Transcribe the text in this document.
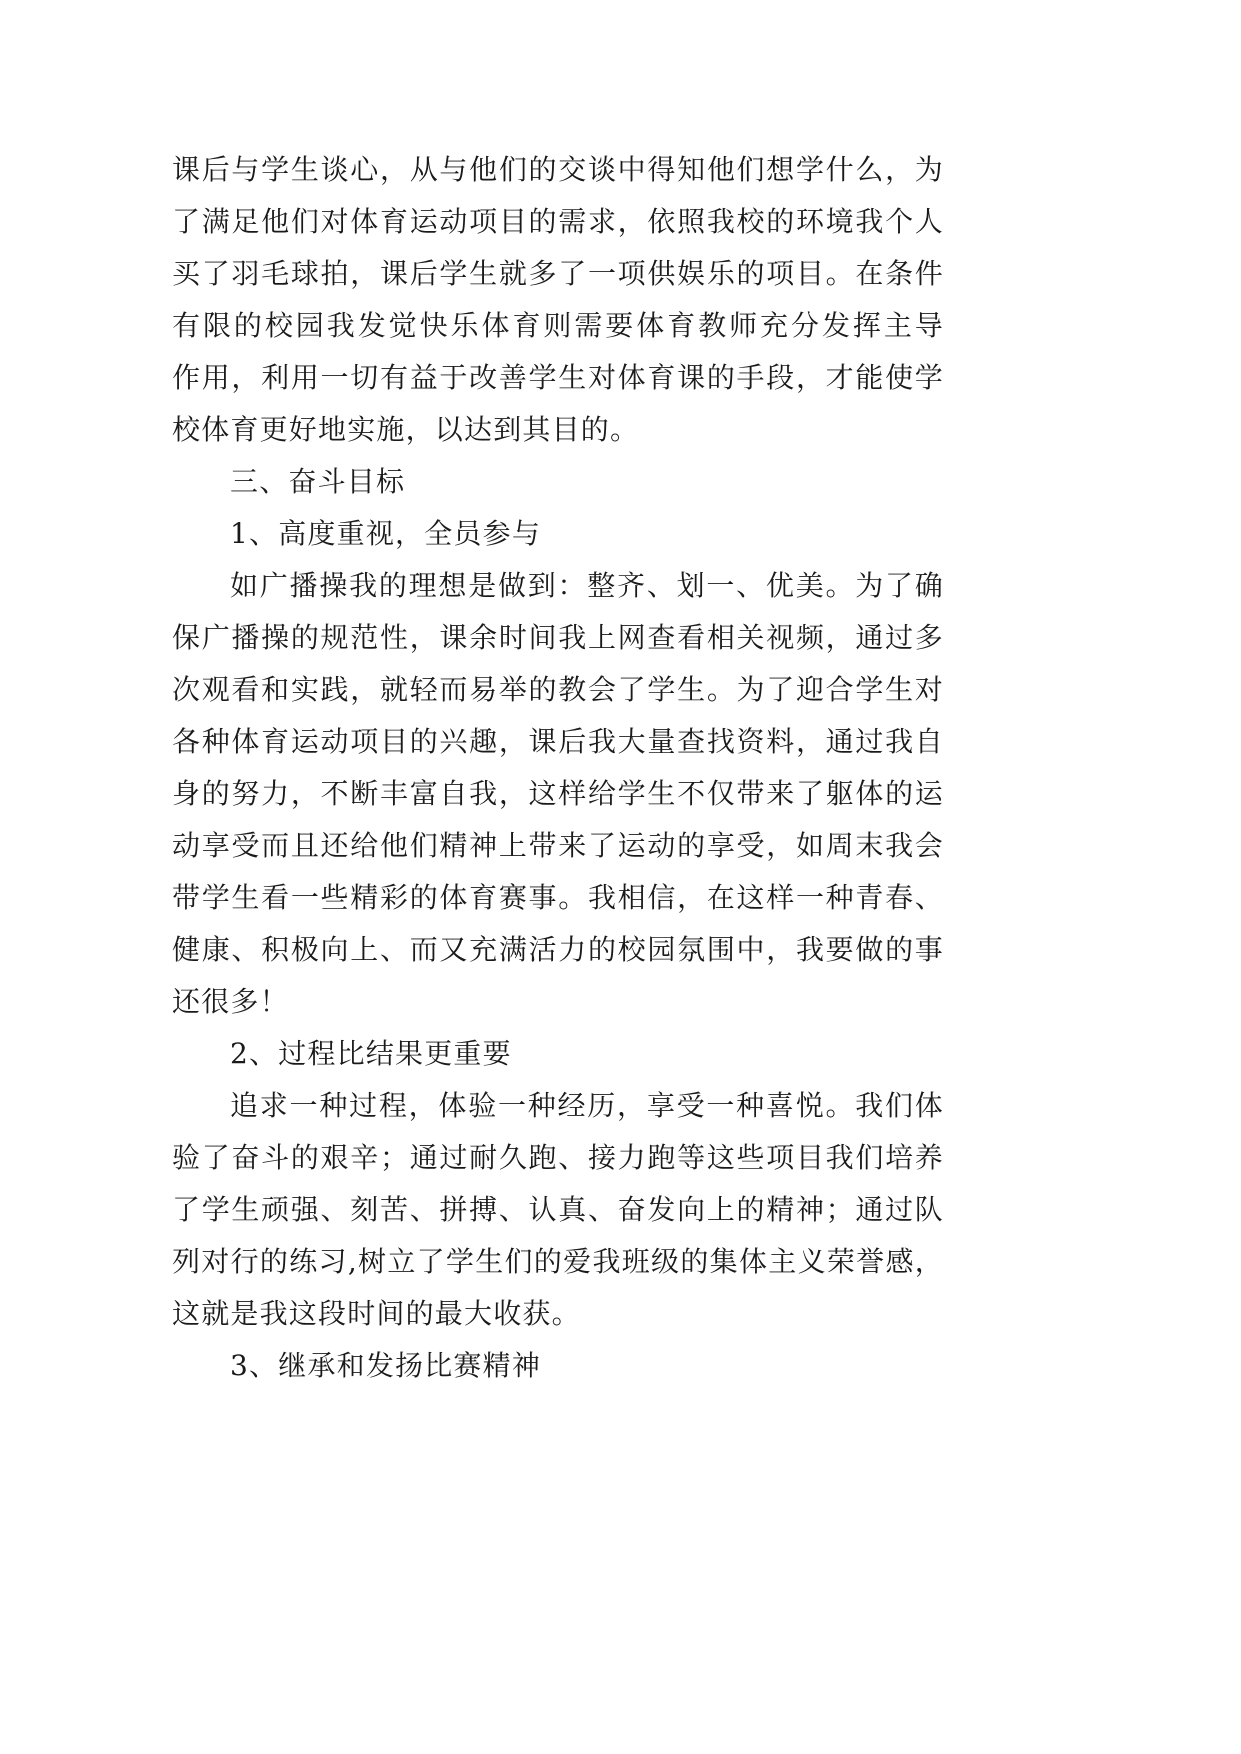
课后与学生谈心，从与他们的交谈中得知他们想学什么，为
了满足他们对体育运动项目的需求，依照我校的环境我个人
买了羽毛球拍，课后学生就多了一项供娱乐的项目。在条件
有限的校园我发觉快乐体育则需要体育教师充分发挥主导
作用，利用一切有益于改善学生对体育课的手段，才能使学
校体育更好地实施，以达到其目的。
三、奋斗目标
1、高度重视，全员参与
如广播操我的理想是做到：整齐、划一、优美。为了确
保广播操的规范性，课余时间我上网查看相关视频，通过多
次观看和实践，就轻而易举的教会了学生。为了迎合学生对
各种体育运动项目的兴趣，课后我大量查找资料，通过我自
身的努力，不断丰富自我，这样给学生不仅带来了躯体的运
动享受而且还给他们精神上带来了运动的享受，如周末我会
带学生看一些精彩的体育赛事。我相信，在这样一种青春、
健康、积极向上、而又充满活力的校园氛围中，我要做的事
还很多！
2、过程比结果更重要
追求一种过程，体验一种经历，享受一种喜悦。我们体
验了奋斗的艰辛；通过耐久跑、接力跑等这些项目我们培养
了学生顽强、刻苦、拼搏、认真、奋发向上的精神；通过队
列对行的练习,树立了学生们的爱我班级的集体主义荣誉感，
这就是我这段时间的最大收获。
3、继承和发扬比赛精神
